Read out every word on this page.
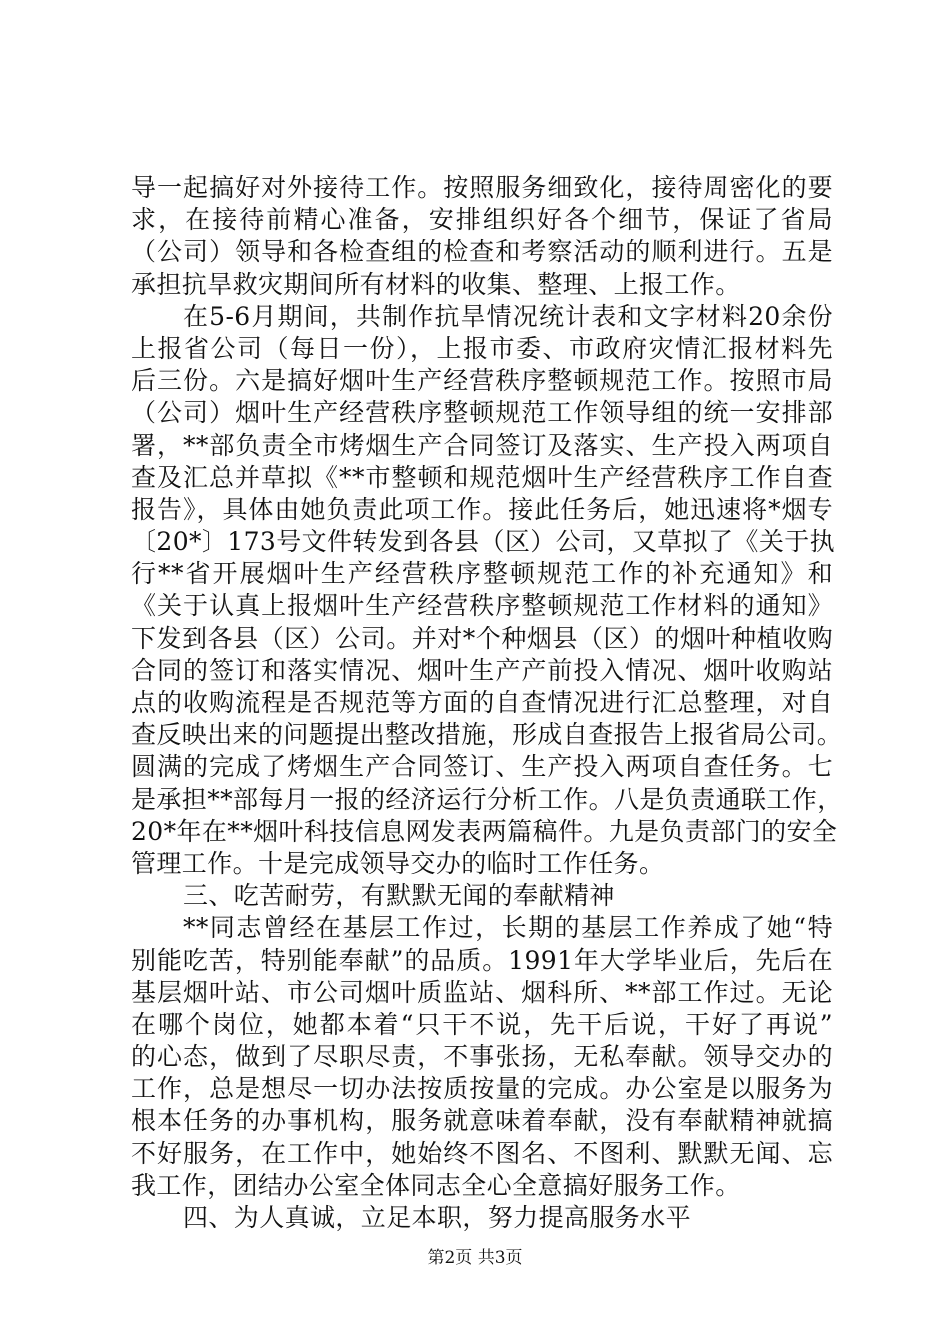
导一起搞好对外接待工作。按照服务细致化，接待周密化的要
求，在接待前精心准备，安排组织好各个细节，保证了省局
（公司）领导和各检查组的检查和考察活动的顺利进行。五是
承担抗旱救灾期间所有材料的收集、整理、上报工作。
在5-6月期间，共制作抗旱情况统计表和文字材料20余份
上报省公司（每日一份），上报市委、市政府灾情汇报材料先
后三份。六是搞好烟叶生产经营秩序整顿规范工作。按照市局
（公司）烟叶生产经营秩序整顿规范工作领导组的统一安排部
署，**部负责全市烤烟生产合同签订及落实、生产投入两项自
查及汇总并草拟《**市整顿和规范烟叶生产经营秩序工作自查
报告》，具体由她负责此项工作。接此任务后，她迅速将*烟专
〔20*〕173号文件转发到各县（区）公司，又草拟了《关于执
行**省开展烟叶生产经营秩序整顿规范工作的补充通知》和
《关于认真上报烟叶生产经营秩序整顿规范工作材料的通知》
下发到各县（区）公司。并对*个种烟县（区）的烟叶种植收购
合同的签订和落实情况、烟叶生产产前投入情况、烟叶收购站
点的收购流程是否规范等方面的自查情况进行汇总整理，对自
查反映出来的问题提出整改措施，形成自查报告上报省局公司。
圆满的完成了烤烟生产合同签订、生产投入两项自查任务。七
是承担**部每月一报的经济运行分析工作。八是负责通联工作，
20*年在**烟叶科技信息网发表两篇稿件。九是负责部门的安全
管理工作。十是完成领导交办的临时工作任务。
三、吃苦耐劳，有默默无闻的奉献精神
**同志曾经在基层工作过，长期的基层工作养成了她“特
别能吃苦，特别能奉献”的品质。1991年大学毕业后，先后在
基层烟叶站、市公司烟叶质监站、烟科所、**部工作过。无论
在哪个岗位，她都本着“只干不说，先干后说，干好了再说”
的心态，做到了尽职尽责，不事张扬，无私奉献。领导交办的
工作，总是想尽一切办法按质按量的完成。办公室是以服务为
根本任务的办事机构，服务就意味着奉献，没有奉献精神就搞
不好服务，在工作中，她始终不图名、不图利、默默无闻、忘
我工作，团结办公室全体同志全心全意搞好服务工作。
四、为人真诚，立足本职，努力提高服务水平
第2页 共3页
